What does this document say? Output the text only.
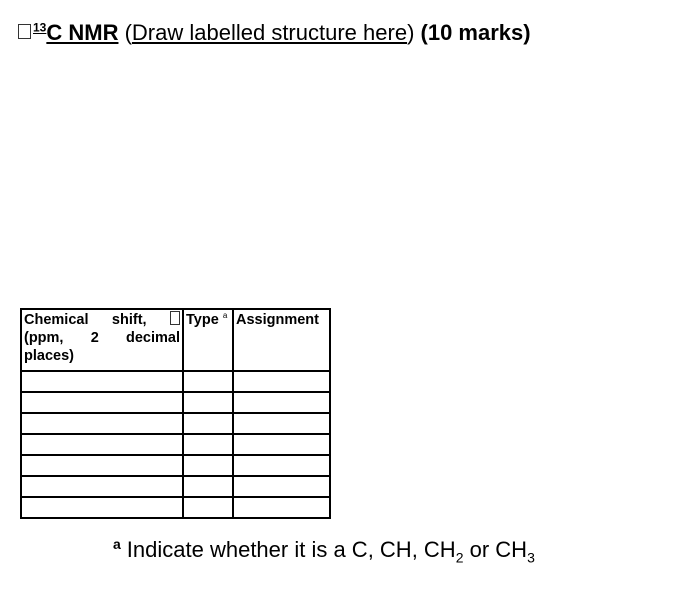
$^{13}$C NMR (Draw labelled structure here) (10 marks)
Chemical shift,  (ppm, 2 decimal places)	Type $^a$	Assignment

$^a$ Indicate whether it is a C, CH, $CH_2$ or $CH_3$
